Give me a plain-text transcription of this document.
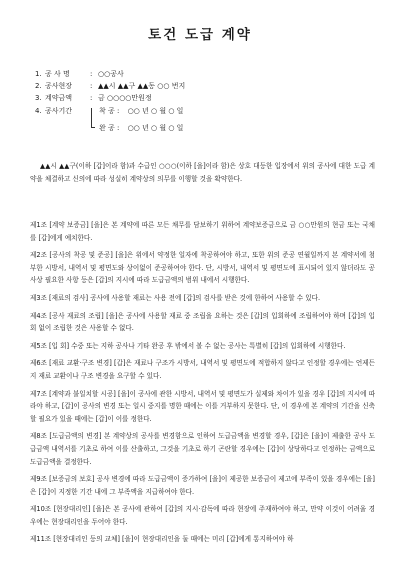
토건 도급 계약
1. 공 사 명	: ○○공사
2. 공사현장	: ▲▲시 ▲▲구 ▲▲동 ○○ 번지
3. 계약금액	: 금 ○○○○만원정
4. 공사기간	착 공 : ○○ 년 ○ 월 ○ 일
완 공 : ○○ 년 ○ 월 ○ 일
▲▲시 ▲▲구(이하 [갑]이라 함)과 수급인 ○○○(이하 [을]이라 함)은 상호 대등한 입장에서 위의 공사에 대한 도급 계약을 체결하고 신의에 따라 성실히 계약상의 의무를 이행할 것을 확약한다.
제1조 [계약 보증금] [을]은 본 계약에 따른 모든 채무를 담보하기 위하여 계약보증금으로 금 ○○만원의 현금 또는 국채를 [갑]에게 예치한다.
제2조 [공사의 착공 및 준공] [을]은 위에서 약정한 일자에 착공하여야 하고, 또한 위의 준공 연월일까지 본 계약서에 첨부한 시방서, 내역서 및 평면도와 상이없이 준공하여야 한다. 단, 시방서, 내역서 및 평면도에 표시되어 있지 않더라도 공사상 필요한 사항 등은 [갑]의 지시에 따라 도급금액의 범위 내에서 시행한다.
제3조 [재료의 검사] 공사에 사용할 재료는 사용 전에 [갑]의 검사를 받은 것에 한하여 사용할 수 있다.
제4조 [공사 재료의 조립] [을]은 공사에 사용할 재료 중 조립을 요하는 것은 [갑]의 입회하에 조립하여야 하며 [갑]의 입회 없이 조립한 것은 사용할 수 없다.
제5조 [입 회] 수중 또는 지하 공사나 기타 완공 후 밖에서 볼 수 없는 공사는 특별히 [갑]의 입회하에 시행한다.
제6조 [재료 교환·구조 변경] [갑]은 재료나 구조가 시방서, 내역서 및 평면도에 적합하지 않다고 인정할 경우에는 언제든지 재료 교환이나 구조 변경을 요구할 수 있다.
제7조 [계약과 불일치할 시공] [을]이 공사에 관한 시방서, 내역서 및 평면도가 실제와 차이가 있을 경우 [갑]의 지시에 따라야 하고, [갑]이 공사의 변경 또는 일시 중지를 명한 때에는 이를 거부하지 못한다. 단, 이 경우에 본 계약의 기간을 신축할 필요가 있을 때에는 [갑]이 이를 정한다.
제8조 [도급금액의 변경] 본 계약상의 공사를 변경함으로 인하여 도급금액을 변경할 경우, [갑]은 [을]이 제출한 공사 도급금액 내역서를 기초로 하여 이를 산출하고, 그것을 기초로 하기 곤란할 경우에는 [갑]이 상당하다고 인정하는 금액으로 도급금액을 결정한다.
제9조 [보증금의 보호] 공사 변경에 따라 도급금액이 증가하여 [을]이 제공한 보증금이 제고에 부족이 있을 경우에는 [을]은 [갑]이 지정한 기간 내에 그 부족액을 지급하여야 한다.
제10조 [현장대리인] [을]은 본 공사에 관하여 [갑]의 지시·감독에 따라 현장에 주재하여야 하고, 만약 이것이 어려울 경우에는 현장대리인을 두어야 한다.
제11조 [현장대리인 등의 교체] [을]이 현장대리인을 둘 때에는 미리 [갑]에게 통지하여야 하
